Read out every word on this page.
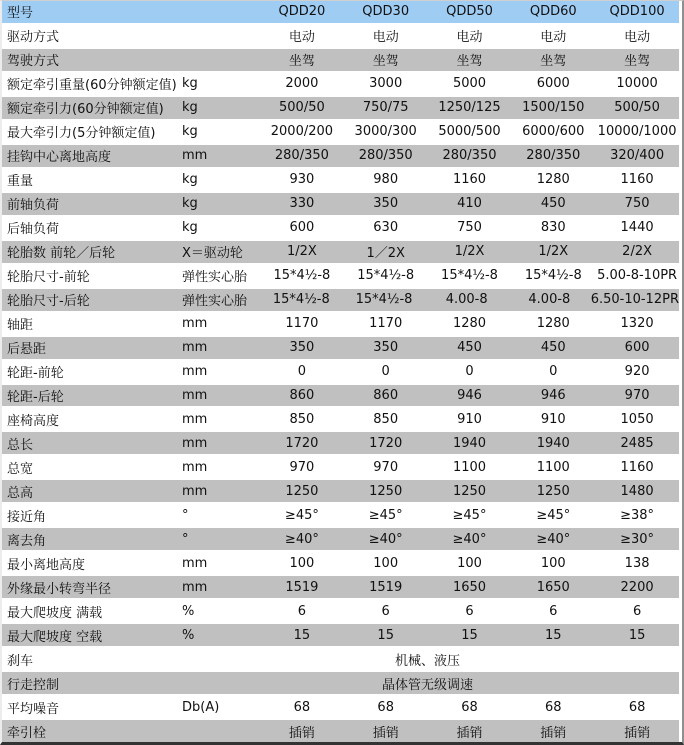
型号	QDD20	QDD30	QDD50	QDD60	QDD100
驱动方式	电动	电动	电动	电动	电动
驾驶方式	坐驾	坐驾	坐驾	坐驾	坐驾
额定牵引重量(60分钟额定值) kg	2000	3000	5000	6000	10000
额定牵引力(60分钟额定值)	kg	500/50	750/75	1250/125	1500/150	500/50
最大牵引力(5分钟额定值)	kg	2000/200	3000/300	5000/500	6000/600	10000/1000
挂钩中心离地高度	mm	280/350	280/350	280/350	280/350	320/400
重量	kg	930	980	1160	1280	1160
前轴负荷	kg	330	350	410	450	750
后轴负荷	kg	600	630	750	830	1440
轮胎数 前轮／后轮	X＝驱动轮	1/2X	1／2X	1/2X	1/2X	2/2X
轮胎尺寸-前轮	弹性实心胎	15*4½-8	15*4½-8	15*4½-8	15*4½-8	5.00-8-10PR
轮胎尺寸-后轮	弹性实心胎	15*4½-8	15*4½-8	4.00-8	4.00-8	6.50-10-12PR
轴距	mm	1170	1170	1280	1280	1320
后悬距	mm	350	350	450	450	600
轮距-前轮	mm	0	0	0	0	920
轮距-后轮	mm	860	860	946	946	970
座椅高度	mm	850	850	910	910	1050
总长	mm	1720	1720	1940	1940	2485
总宽	mm	970	970	1100	1100	1160
总高	mm	1250	1250	1250	1250	1480
接近角	°	≥45°	≥45°	≥45°	≥45°	≥38°
离去角	°	≥40°	≥40°	≥40°	≥40°	≥30°
最小离地高度	mm	100	100	100	100	138
外缘最小转弯半径	mm	1519	1519	1650	1650	2200
最大爬坡度 满载	%	6	6	6	6	6
最大爬坡度 空载	%	15	15	15	15	15
刹车	机械、液压
行走控制	晶体管无级调速
平均噪音	Db(A)	68	68	68	68	68
牵引栓	插销	插销	插销	插销	插销
